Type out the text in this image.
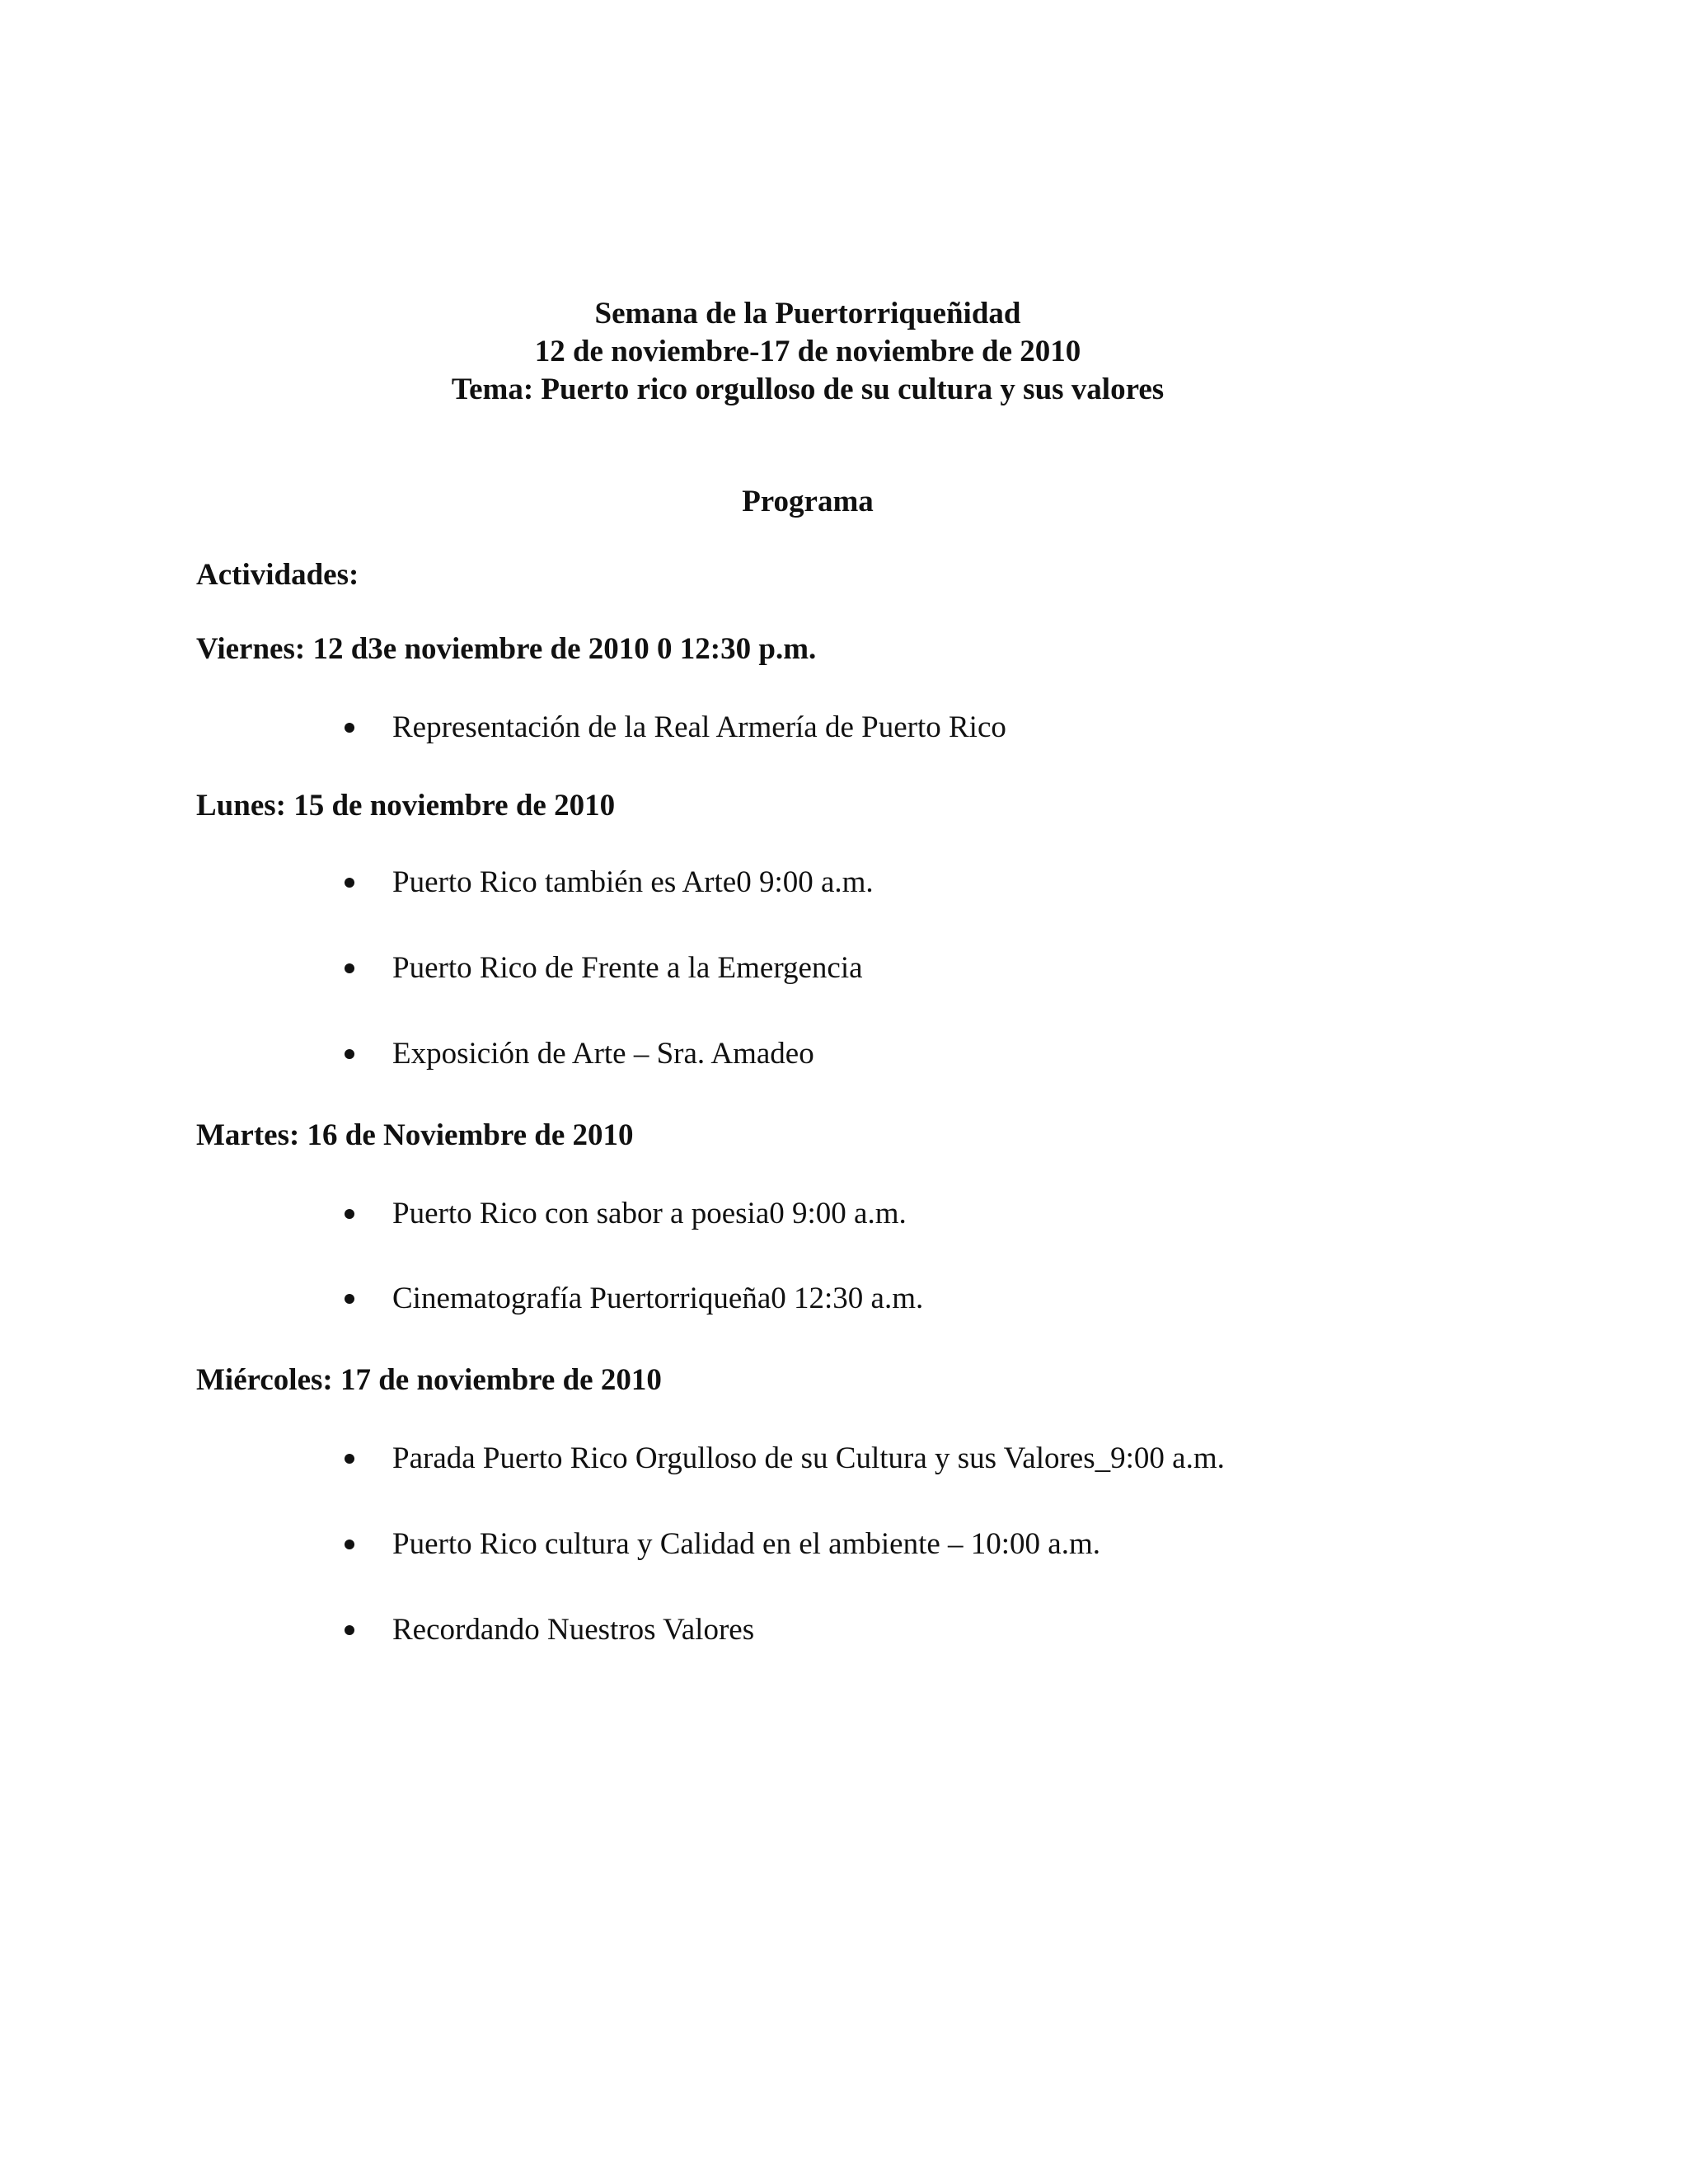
Semana de la Puertorriqueñidad
12 de noviembre-17 de noviembre de 2010
Tema: Puerto rico orgulloso de su cultura y sus valores
Programa
Actividades:
Viernes: 12 d3e noviembre de 2010 0 12:30 p.m.
Representación de la Real Armería de Puerto Rico
Lunes: 15 de noviembre de 2010
Puerto Rico también es Arte0 9:00 a.m.
Puerto Rico de Frente a la Emergencia
Exposición de Arte – Sra. Amadeo
Martes: 16 de Noviembre de 2010
Puerto Rico con sabor a poesia0 9:00 a.m.
Cinematografía Puertorriqueña0 12:30 a.m.
Miércoles: 17 de noviembre de 2010
Parada Puerto Rico Orgulloso de su Cultura y sus Valores_9:00 a.m.
Puerto Rico cultura y Calidad en el ambiente – 10:00 a.m.
Recordando Nuestros Valores
